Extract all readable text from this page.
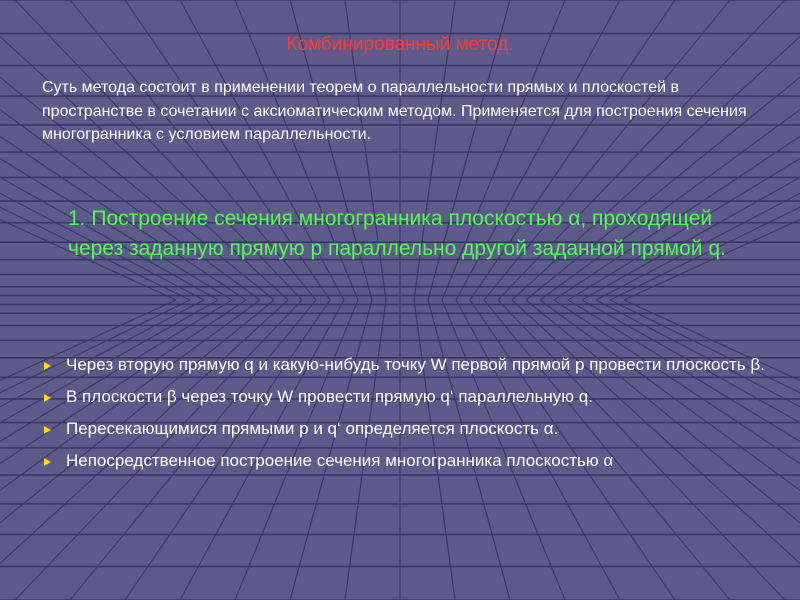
Комбинированный метод.
Суть метода состоит в применении теорем о параллельности прямых и плоскостей в пространстве в сочетании с аксиоматическим методом. Применяется для построения сечения многогранника с условием параллельности.
1. Построение сечения многогранника плоскостью α, проходящей через заданную прямую p параллельно другой заданной прямой q.
Через вторую прямую q и какую-нибудь точку W первой прямой p провести плоскость β.
В плоскости β через точку W провести прямую q‘ параллельную q.
Пересекающимися прямыми p и q‘ определяется плоскость α.
Непосредственное построение сечения многогранника плоскостью α
